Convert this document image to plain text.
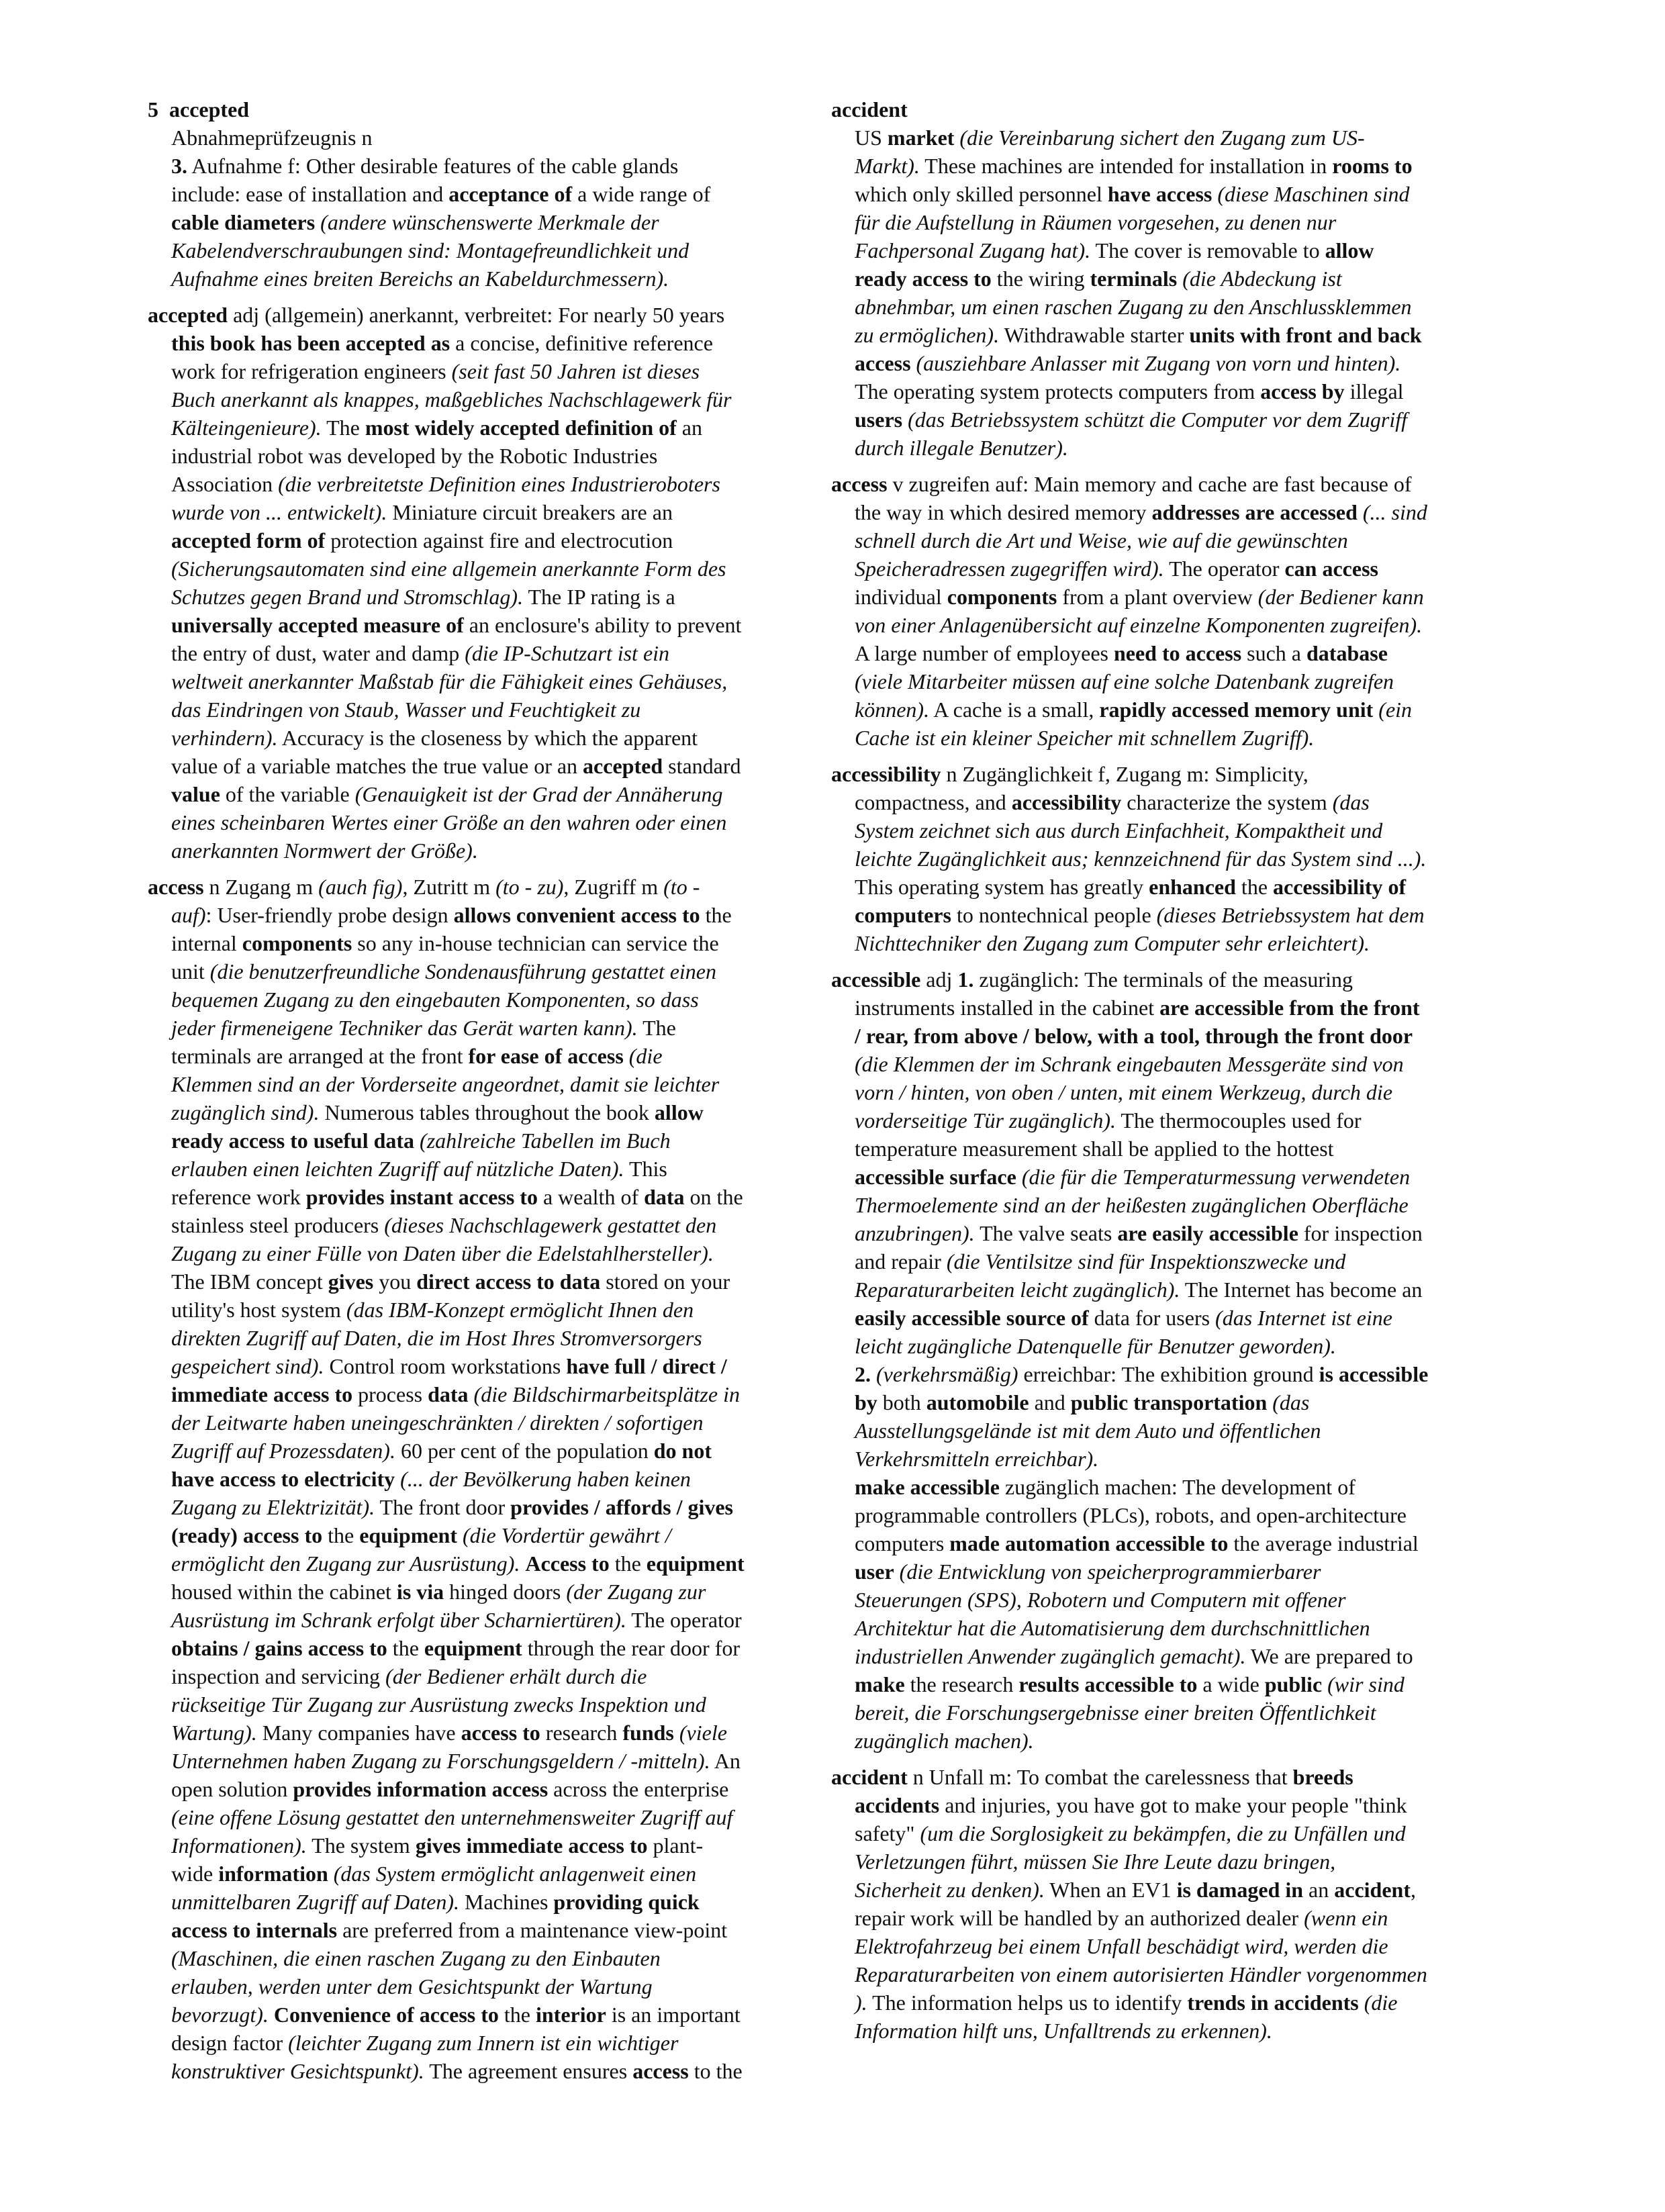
5 accepted	accident
Abnahmeprüfzeugnis n
3. Aufnahme f: Other desirable features of the cable glands
include: ease of installation and acceptance of a wide range of
cable diameters (andere wünschenswerte Merkmale der
Kabelendverschraubungen sind: Montagefreundlichkeit und
Aufnahme eines breiten Bereichs an Kabeldurchmessern).
accepted adj (allgemein) anerkannt, verbreitet: For nearly 50 years
this book has been accepted as a concise, definitive reference
work for refrigeration engineers (seit fast 50 Jahren ist dieses
Buch anerkannt als knappes, maßgebliches Nachschlagewerk für
Kälteingenieure). The most widely accepted definition of an
industrial robot was developed by the Robotic Industries
Association (die verbreitetste Definition eines Industrieroboters
wurde von ... entwickelt). Miniature circuit breakers are an
accepted form of protection against fire and electrocution
(Sicherungsautomaten sind eine allgemein anerkannte Form des
Schutzes gegen Brand und Stromschlag). The IP rating is a
universally accepted measure of an enclosure's ability to prevent
the entry of dust, water and damp (die IP-Schutzart ist ein
weltweit anerkannter Maßstab für die Fähigkeit eines Gehäuses,
das Eindringen von Staub, Wasser und Feuchtigkeit zu
verhindern). Accuracy is the closeness by which the apparent
value of a variable matches the true value or an accepted standard
value of the variable (Genauigkeit ist der Grad der Annäherung
eines scheinbaren Wertes einer Größe an den wahren oder einen
anerkannten Normwert der Größe).
access n Zugang m (auch fig), Zutritt m (to - zu), Zugriff m (to -
auf): User-friendly probe design allows convenient access to the
internal components so any in-house technician can service the
unit (die benutzerfreundliche Sondenausführung gestattet einen
bequemen Zugang zu den eingebauten Komponenten, so dass
jeder firmeneigene Techniker das Gerät warten kann). The
terminals are arranged at the front for ease of access (die
Klemmen sind an der Vorderseite angeordnet, damit sie leichter
zugänglich sind). Numerous tables throughout the book allow
ready access to useful data (zahlreiche Tabellen im Buch
erlauben einen leichten Zugriff auf nützliche Daten). This
reference work provides instant access to a wealth of data on the
stainless steel producers (dieses Nachschlagewerk gestattet den
Zugang zu einer Fülle von Daten über die Edelstahlhersteller).
The IBM concept gives you direct access to data stored on your
utility's host system (das IBM-Konzept ermöglicht Ihnen den
direkten Zugriff auf Daten, die im Host Ihres Stromversorgers
gespeichert sind). Control room workstations have full / direct /
immediate access to process data (die Bildschirmarbeitsplätze in
der Leitwarte haben uneingeschränkten / direkten / sofortigen
Zugriff auf Prozessdaten). 60 per cent of the population do not
have access to electricity (... der Bevölkerung haben keinen
Zugang zu Elektrizität). The front door provides / affords / gives
(ready) access to the equipment (die Vordertür gewährt /
ermöglicht den Zugang zur Ausrüstung). Access to the equipment
housed within the cabinet is via hinged doors (der Zugang zur
Ausrüstung im Schrank erfolgt über Scharniertüren). The operator
obtains / gains access to the equipment through the rear door for
inspection and servicing (der Bediener erhält durch die
rückseitige Tür Zugang zur Ausrüstung zwecks Inspektion und
Wartung). Many companies have access to research funds (viele
Unternehmen haben Zugang zu Forschungsgeldern / -mitteln). An
open solution provides information access across the enterprise
(eine offene Lösung gestattet den unternehmensweiter Zugriff auf
Informationen). The system gives immediate access to plant-
wide information (das System ermöglicht anlagenweit einen
unmittelbaren Zugriff auf Daten). Machines providing quick
access to internals are preferred from a maintenance view-point
(Maschinen, die einen raschen Zugang zu den Einbauten
erlauben, werden unter dem Gesichtspunkt der Wartung
bevorzugt). Convenience of access to the interior is an important
design factor (leichter Zugang zum Innern ist ein wichtiger
konstruktiver Gesichtspunkt). The agreement ensures access to the
US market (die Vereinbarung sichert den Zugang zum US-
Markt). These machines are intended for installation in rooms to
which only skilled personnel have access (diese Maschinen sind
für die Aufstellung in Räumen vorgesehen, zu denen nur
Fachpersonal Zugang hat). The cover is removable to allow
ready access to the wiring terminals (die Abdeckung ist
abnehmbar, um einen raschen Zugang zu den Anschlussklemmen
zu ermöglichen). Withdrawable starter units with front and back
access (ausziehbare Anlasser mit Zugang von vorn und hinten).
The operating system protects computers from access by illegal
users (das Betriebssystem schützt die Computer vor dem Zugriff
durch illegale Benutzer).
access v zugreifen auf: Main memory and cache are fast because of
the way in which desired memory addresses are accessed (... sind
schnell durch die Art und Weise, wie auf die gewünschten
Speicheradressen zugegriffen wird). The operator can access
individual components from a plant overview (der Bediener kann
von einer Anlagenübersicht auf einzelne Komponenten zugreifen).
A large number of employees need to access such a database
(viele Mitarbeiter müssen auf eine solche Datenbank zugreifen
können). A cache is a small, rapidly accessed memory unit (ein
Cache ist ein kleiner Speicher mit schnellem Zugriff).
accessibility n Zugänglichkeit f, Zugang m: Simplicity,
compactness, and accessibility characterize the system (das
System zeichnet sich aus durch Einfachheit, Kompaktheit und
leichte Zugänglichkeit aus; kennzeichnend für das System sind ...).
This operating system has greatly enhanced the accessibility of
computers to nontechnical people (dieses Betriebssystem hat dem
Nichttechniker den Zugang zum Computer sehr erleichtert).
accessible adj 1. zugänglich: The terminals of the measuring
instruments installed in the cabinet are accessible from the front
/ rear, from above / below, with a tool, through the front door
(die Klemmen der im Schrank eingebauten Messgeräte sind von
vorn / hinten, von oben / unten, mit einem Werkzeug, durch die
vorderseitige Tür zugänglich). The thermocouples used for
temperature measurement shall be applied to the hottest
accessible surface (die für die Temperaturmessung verwendeten
Thermoelemente sind an der heißesten zugänglichen Oberfläche
anzubringen). The valve seats are easily accessible for inspection
and repair (die Ventilsitze sind für Inspektionszwecke und
Reparaturarbeiten leicht zugänglich). The Internet has become an
easily accessible source of data for users (das Internet ist eine
leicht zugängliche Datenquelle für Benutzer geworden).
2. (verkehrsmäßig) erreichbar: The exhibition ground is accessible
by both automobile and public transportation (das
Ausstellungsgelände ist mit dem Auto und öffentlichen
Verkehrsmitteln erreichbar).
make accessible zugänglich machen: The development of
programmable controllers (PLCs), robots, and open-architecture
computers made automation accessible to the average industrial
user (die Entwicklung von speicherprogrammierbarer
Steuerungen (SPS), Robotern und Computern mit offener
Architektur hat die Automatisierung dem durchschnittlichen
industriellen Anwender zugänglich gemacht). We are prepared to
make the research results accessible to a wide public (wir sind
bereit, die Forschungsergebnisse einer breiten Öffentlichkeit
zugänglich machen).
accident n Unfall m: To combat the carelessness that breeds
accidents and injuries, you have got to make your people "think
safety" (um die Sorglosigkeit zu bekämpfen, die zu Unfällen und
Verletzungen führt, müssen Sie Ihre Leute dazu bringen,
Sicherheit zu denken). When an EV1 is damaged in an accident,
repair work will be handled by an authorized dealer (wenn ein
Elektrofahrzeug bei einem Unfall beschädigt wird, werden die
Reparaturarbeiten von einem autorisierten Händler vorgenommen
). The information helps us to identify trends in accidents (die
Information hilft uns, Unfalltrends zu erkennen).
